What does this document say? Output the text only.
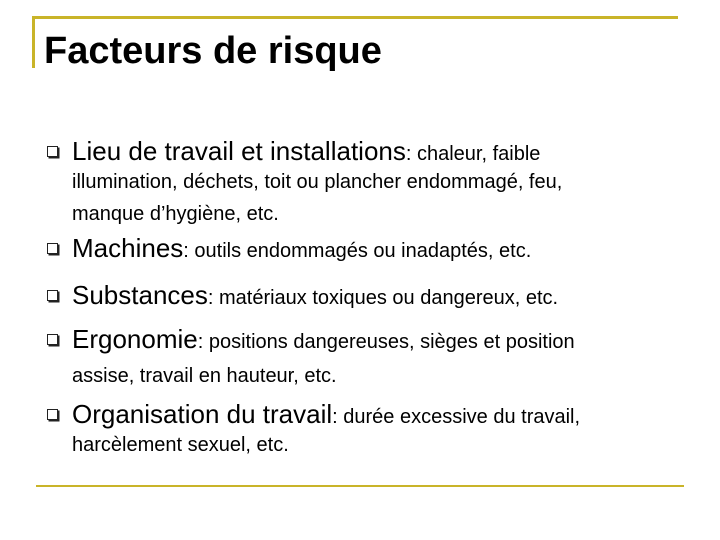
Facteurs de risque

Lieu de travail et installations: chaleur, faible
illumination, déchets, toit ou plancher endommagé, feu,
manque d’hygiène, etc.

Machines: outils endommagés ou inadaptés, etc.

Substances: matériaux toxiques ou dangereux, etc.

Ergonomie: positions dangereuses, sièges et position
assise, travail en hauteur, etc.

Organisation du travail: durée excessive du travail,
harcèlement sexuel, etc.
